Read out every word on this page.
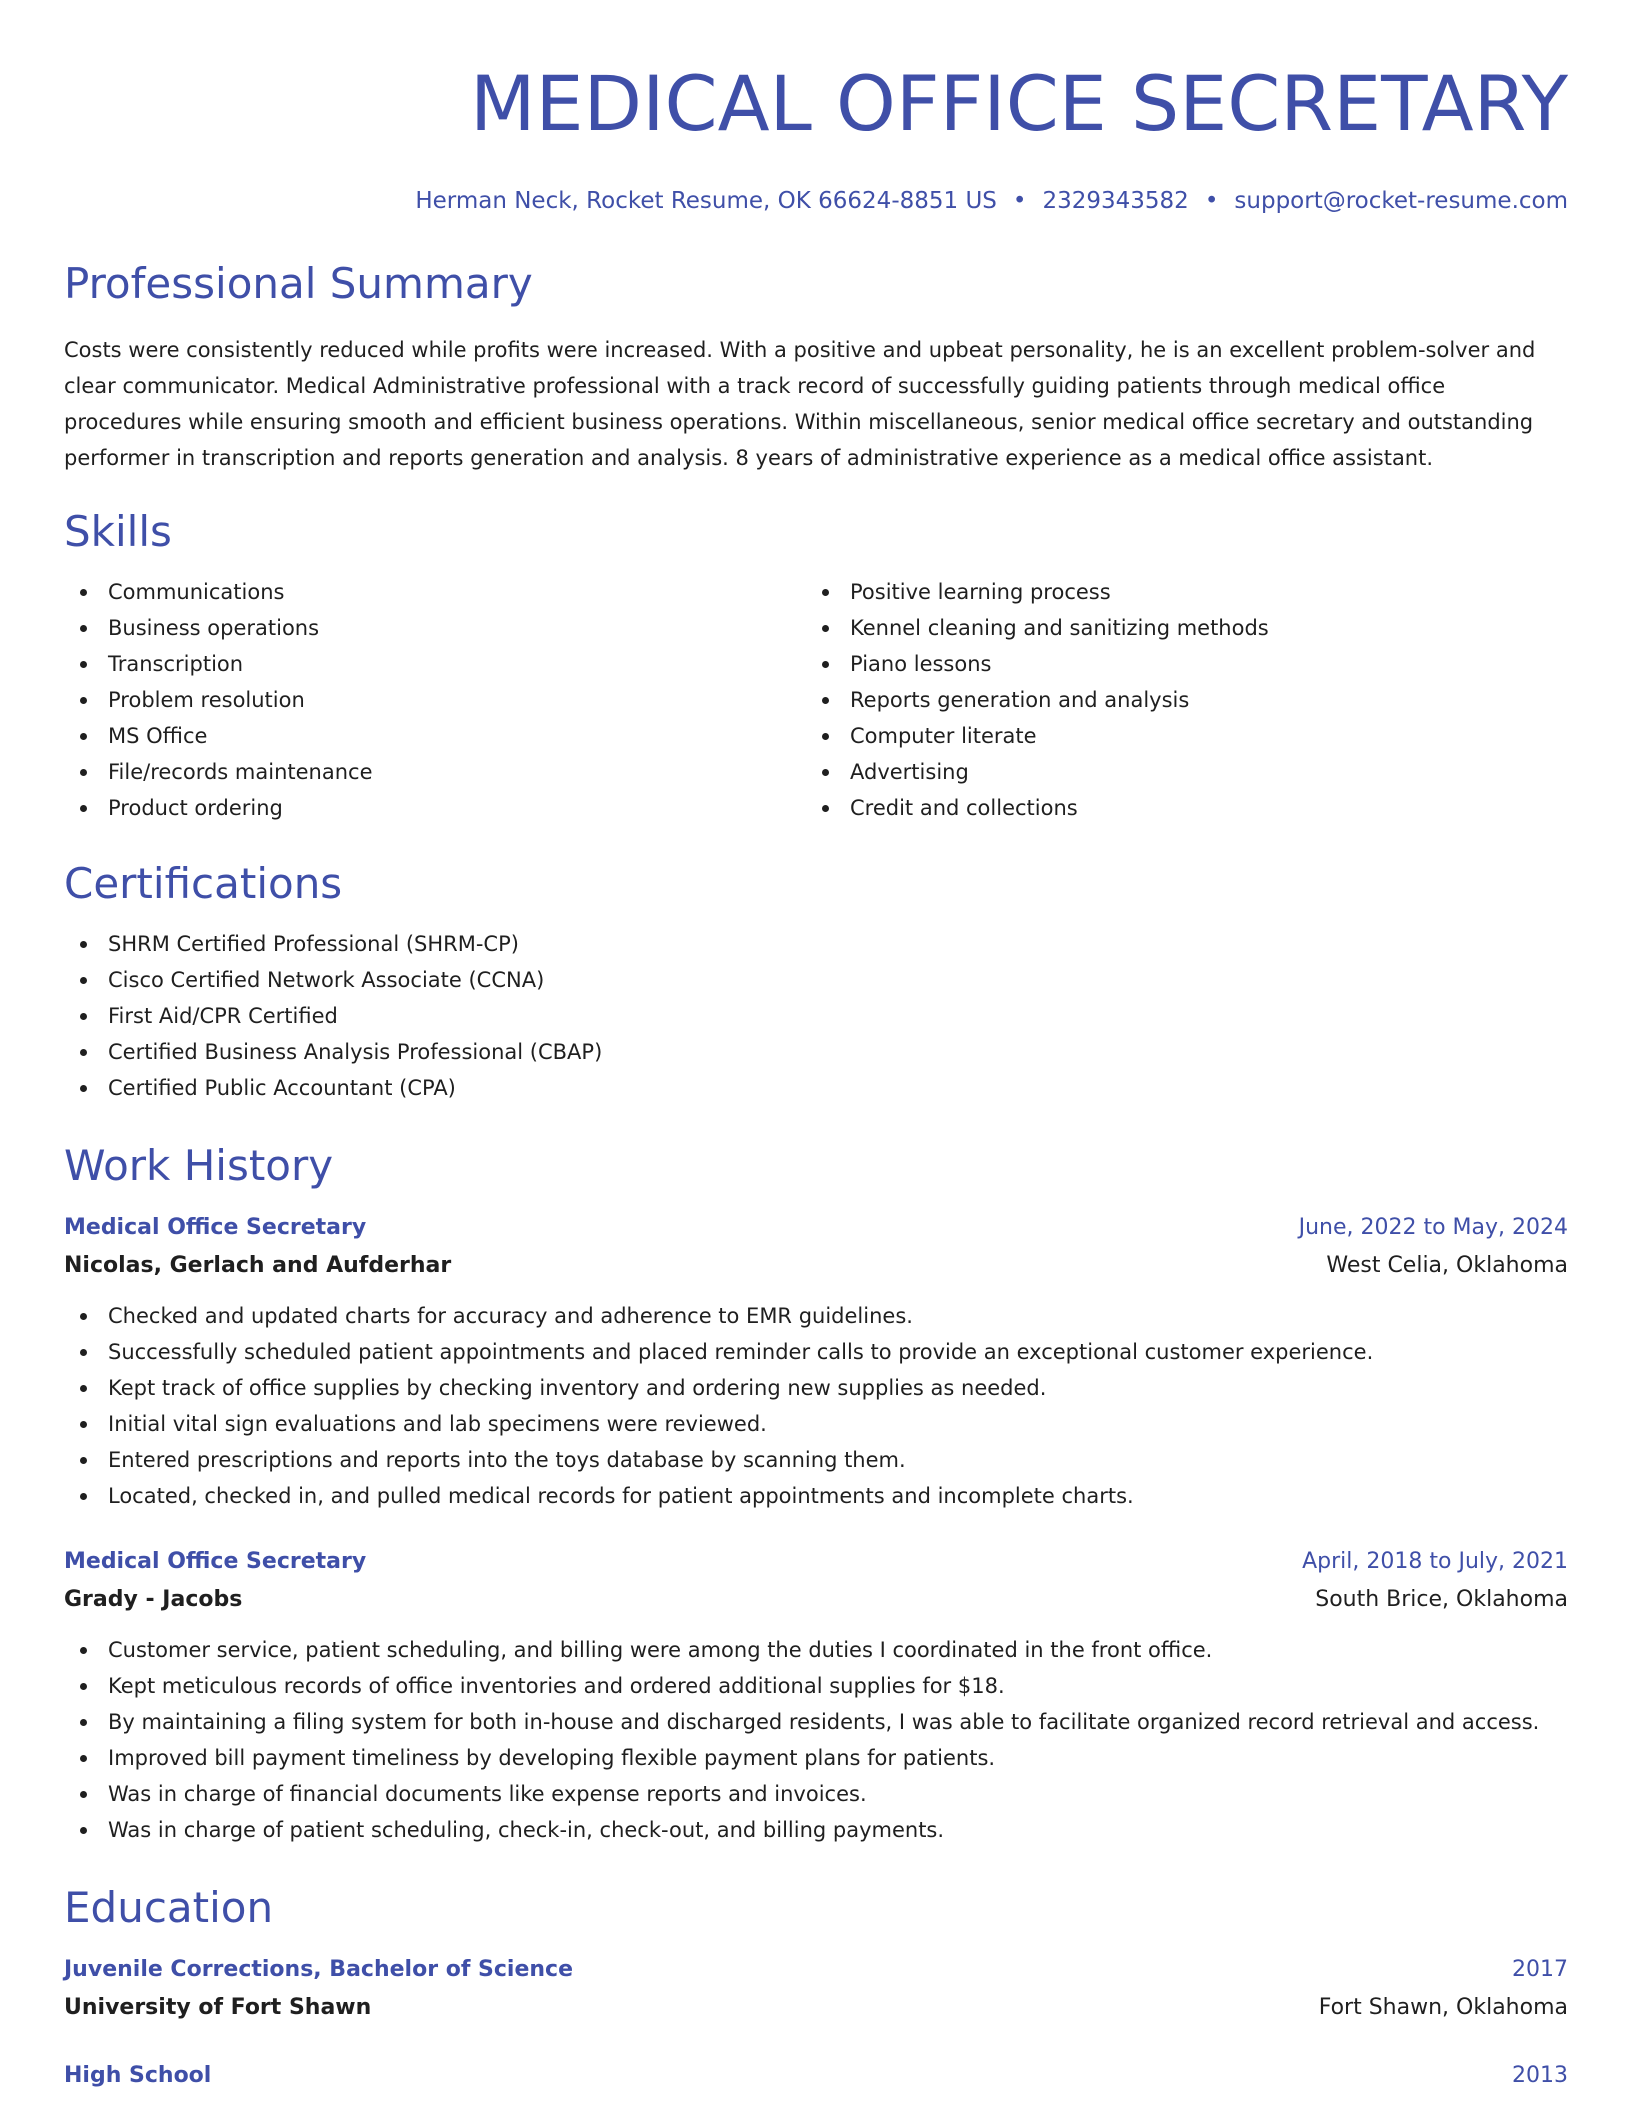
MEDICAL OFFICE SECRETARY
Herman Neck, Rocket Resume, OK 66624-8851 US • 2329343582 • support@rocket-resume.com
Professional Summary
Costs were consistently reduced while profits were increased. With a positive and upbeat personality, he is an excellent problem-solver and clear communicator. Medical Administrative professional with a track record of successfully guiding patients through medical office procedures while ensuring smooth and efficient business operations. Within miscellaneous, senior medical office secretary and outstanding performer in transcription and reports generation and analysis. 8 years of administrative experience as a medical office assistant.
Skills
Communications
Business operations
Transcription
Problem resolution
MS Office
File/records maintenance
Product ordering
Positive learning process
Kennel cleaning and sanitizing methods
Piano lessons
Reports generation and analysis
Computer literate
Advertising
Credit and collections
Certifications
SHRM Certified Professional (SHRM-CP)
Cisco Certified Network Associate (CCNA)
First Aid/CPR Certified
Certified Business Analysis Professional (CBAP)
Certified Public Accountant (CPA)
Work History
Medical Office Secretary	June, 2022 to May, 2024
Nicolas, Gerlach and Aufderhar	West Celia, Oklahoma
Checked and updated charts for accuracy and adherence to EMR guidelines.
Successfully scheduled patient appointments and placed reminder calls to provide an exceptional customer experience.
Kept track of office supplies by checking inventory and ordering new supplies as needed.
Initial vital sign evaluations and lab specimens were reviewed.
Entered prescriptions and reports into the toys database by scanning them.
Located, checked in, and pulled medical records for patient appointments and incomplete charts.
Medical Office Secretary	April, 2018 to July, 2021
Grady - Jacobs	South Brice, Oklahoma
Customer service, patient scheduling, and billing were among the duties I coordinated in the front office.
Kept meticulous records of office inventories and ordered additional supplies for $18.
By maintaining a filing system for both in-house and discharged residents, I was able to facilitate organized record retrieval and access.
Improved bill payment timeliness by developing flexible payment plans for patients.
Was in charge of financial documents like expense reports and invoices.
Was in charge of patient scheduling, check-in, check-out, and billing payments.
Education
Juvenile Corrections, Bachelor of Science	2017
University of Fort Shawn	Fort Shawn, Oklahoma
High School	2013
